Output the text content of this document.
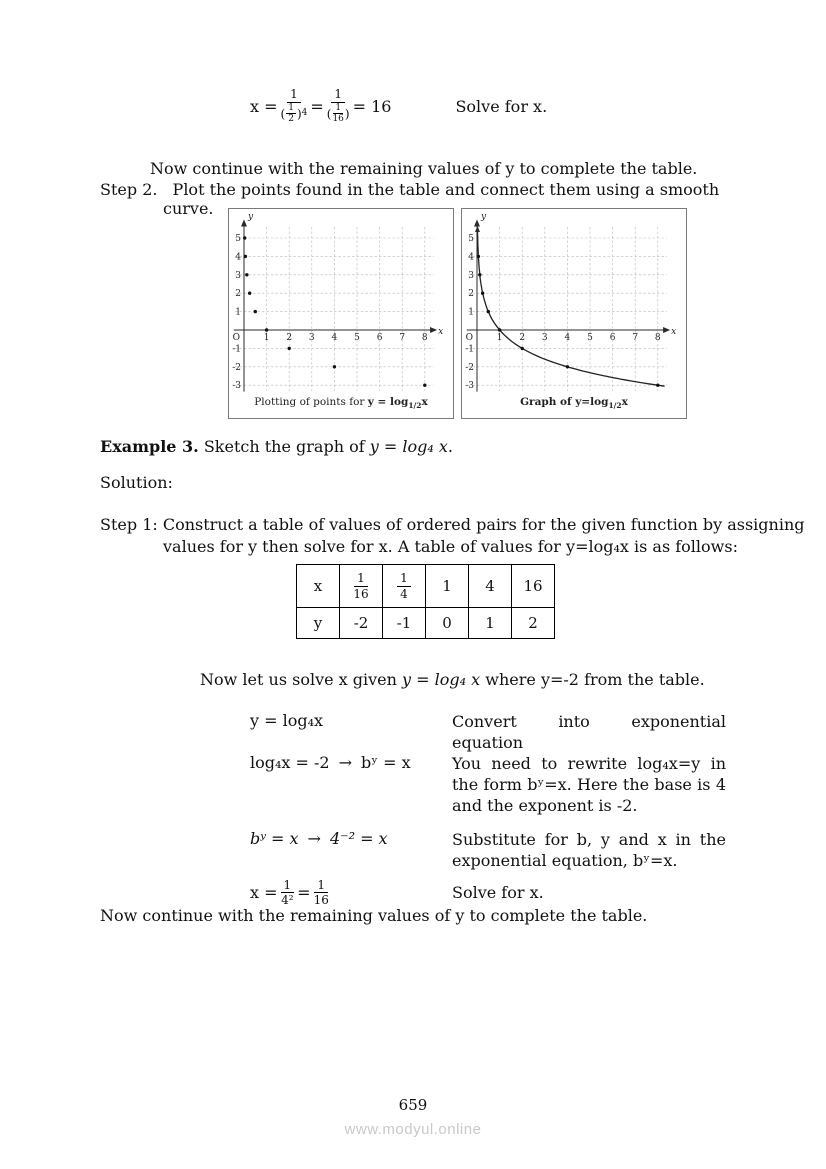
x =
1
( $\frac{1}{2}$ ) $4 = \frac{1}{( \frac{1}{16} )} = 16$	Solve for x.
Now continue with the remaining values of y to complete the table.
Step 2. Plot the points found in the table and connect them using a smooth
curve.
1 2 3 4 5 6 7 8
5
4
3
2
1
-1
-2
-3
O
y
x
Plotting of points for $y = \log_{1/2}x$
1 2 3 4 5 6 7 8
5
4
3
2
1
-1
-2
-3
O
y
x
Graph of $y=\log_{1/2}x$
Example 3. Sketch the graph of y = log₄ x.
Solution:
Step 1: Construct a table of values of ordered pairs for the given function by assigning
values for y then solve for x. A table of values for y=log₄x is as follows:
x	$\frac{1}{16}$	$\frac{1}{4}$	1	4	16
y	-2	-1	0	1	2
Now let us solve x given y = log₄ x where y=-2 from the table.
y = log₄x	Convert into exponential equation
log₄x = -2 → bʸ = x	You need to rewrite log₄x=y in the form bʸ=x. Here the base is 4 and the exponent is -2.
bʸ = x → 4⁻² = x	Substitute for b, y and x in the exponential equation, bʸ=x.
$x = \frac{1}{\text{4²}} = \frac{1}{16}$	Solve for x.
Now continue with the remaining values of y to complete the table.
659
www.modyul.online
